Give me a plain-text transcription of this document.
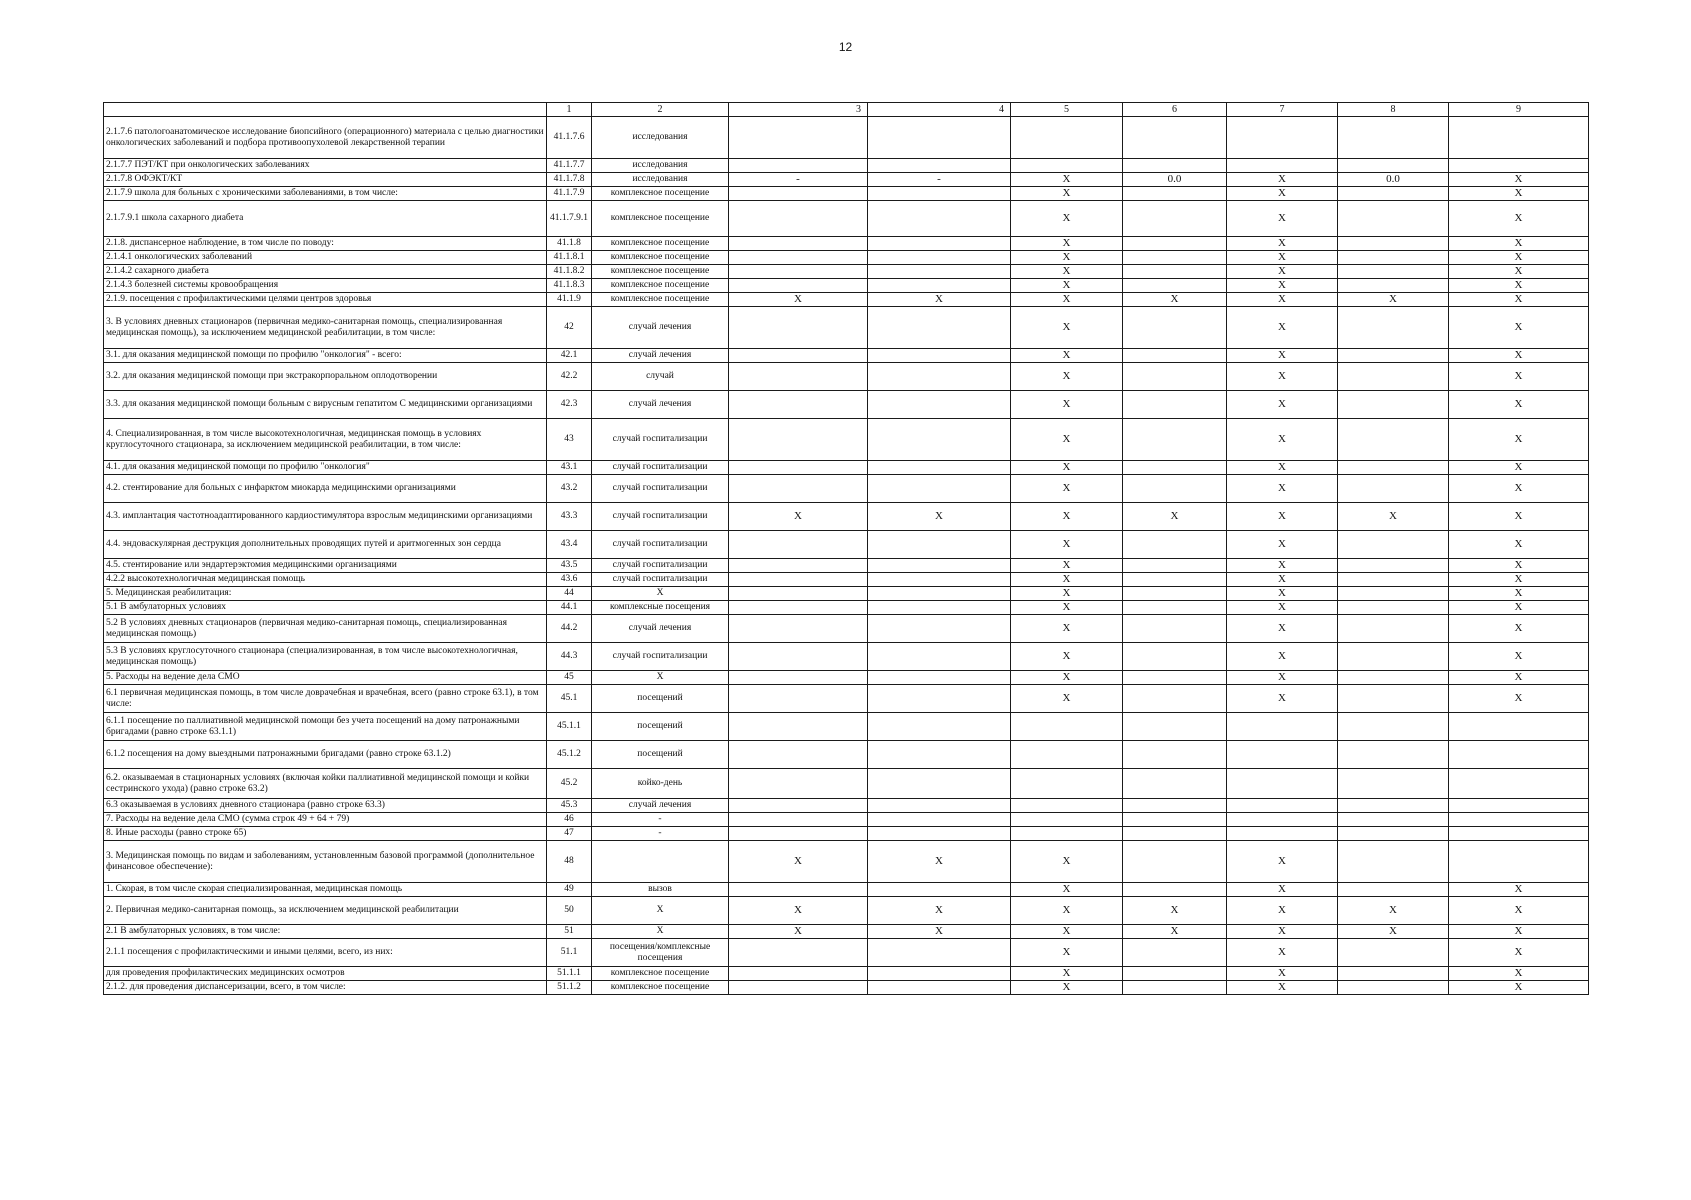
12
	1	2	3	4	5	6	7	8	9
2.1.7.6 патологоанатомическое исследование биопсийного (операционного) материала с целью диагностики онкологических заболеваний и подбора противоопухолевой лекарственной терапии	41.1.7.6	исследования							
2.1.7.7 ПЭТ/КТ при онкологических заболеваниях	41.1.7.7	исследования							
2.1.7.8 ОФЭКТ/КТ	41.1.7.8	исследования	-	-	X	0.0	X	0.0	X
2.1.7.9 школа для больных с хроническими заболеваниями, в том числе:	41.1.7.9	комплексное посещение			X		X		X
2.1.7.9.1 школа сахарного диабета	41.1.7.9.1	комплексное посещение			X		X		X
2.1.8. диспансерное наблюдение, в том числе по поводу:	41.1.8	комплексное посещение			X		X		X
2.1.4.1 онкологических заболеваний	41.1.8.1	комплексное посещение			X		X		X
2.1.4.2 сахарного диабета	41.1.8.2	комплексное посещение			X		X		X
2.1.4.3 болезней системы кровообращения	41.1.8.3	комплексное посещение			X		X		X
2.1.9. посещения с профилактическими целями центров здоровья	41.1.9	комплексное посещение	X	X	X	X	X	X	X
3. В условиях дневных стационаров (первичная медико-санитарная помощь, специализированная медицинская помощь), за исключением медицинской реабилитации, в том числе:	42	случай лечения			X		X		X
3.1. для оказания медицинской помощи по профилю "онкология" - всего:	42.1	случай лечения			X		X		X
3.2. для оказания медицинской помощи при экстракорпоральном оплодотворении	42.2	случай			X		X		X
3.3. для оказания медицинской помощи больным с вирусным гепатитом С медицинскими организациями	42.3	случай лечения			X		X		X
4. Специализированная, в том числе высокотехнологичная, медицинская помощь в условиях круглосуточного стационара, за исключением медицинской реабилитации, в том числе:	43	случай госпитализации			X		X		X
4.1. для оказания медицинской помощи по профилю "онкология"	43.1	случай госпитализации			X		X		X
4.2. стентирование для больных с инфарктом миокарда медицинскими организациями	43.2	случай госпитализации			X		X		X
4.3. имплантация частотноадаптированного кардиостимулятора взрослым медицинскими организациями	43.3	случай госпитализации	X	X	X	X	X	X	X
4.4. эндоваскулярная деструкция дополнительных проводящих путей и аритмогенных зон сердца	43.4	случай госпитализации			X		X		X
4.5. стентирование или эндартерэктомия медицинскими организациями	43.5	случай госпитализации			X		X		X
4.2.2 высокотехнологичная медицинская помощь	43.6	случай госпитализации			X		X		X
5. Медицинская реабилитация:	44	X			X		X		X
5.1 В амбулаторных условиях	44.1	комплексные посещения			X		X		X
5.2 В условиях дневных стационаров (первичная медико-санитарная помощь, специализированная медицинская помощь)	44.2	случай лечения			X		X		X
5.3 В условиях круглосуточного стационара (специализированная, в том числе высокотехнологичная, медицинская помощь)	44.3	случай госпитализации			X		X		X
5. Расходы на ведение дела СМО	45	X			X		X		X
6.1 первичная медицинская помощь, в том числе доврачебная и врачебная, всего (равно строке 63.1), в том числе:	45.1	посещений			X		X		X
6.1.1 посещение по паллиативной медицинской помощи без учета посещений на дому патронажными бригадами (равно строке 63.1.1)	45.1.1	посещений							
6.1.2 посещения на дому выездными патронажными бригадами (равно строке 63.1.2)	45.1.2	посещений							
6.2. оказываемая в стационарных условиях (включая койки паллиативной медицинской помощи и койки сестринского ухода) (равно строке 63.2)	45.2	койко-день							
6.3 оказываемая в условиях дневного стационара (равно строке 63.3)	45.3	случай лечения							
7. Расходы на ведение дела СМО (сумма строк 49 + 64 + 79)	46	-							
8. Иные расходы (равно строке 65)	47	-							
3. Медицинская помощь по видам и заболеваниям, установленным базовой программой (дополнительное финансовое обеспечение):	48		X	X	X		X		
1. Скорая, в том числе скорая специализированная, медицинская помощь	49	вызов			X		X		X
2. Первичная медико-санитарная помощь, за исключением медицинской реабилитации	50	X	X	X	X	X	X	X	X
2.1 В амбулаторных условиях, в том числе:	51	X	X	X	X	X	X	X	X
2.1.1 посещения с профилактическими и иными целями, всего, из них:	51.1	посещения/комплексные посещения			X		X		X
для проведения профилактических медицинских осмотров	51.1.1	комплексное посещение			X		X		X
2.1.2. для проведения диспансеризации, всего, в том числе:	51.1.2	комплексное посещение			X		X		X
